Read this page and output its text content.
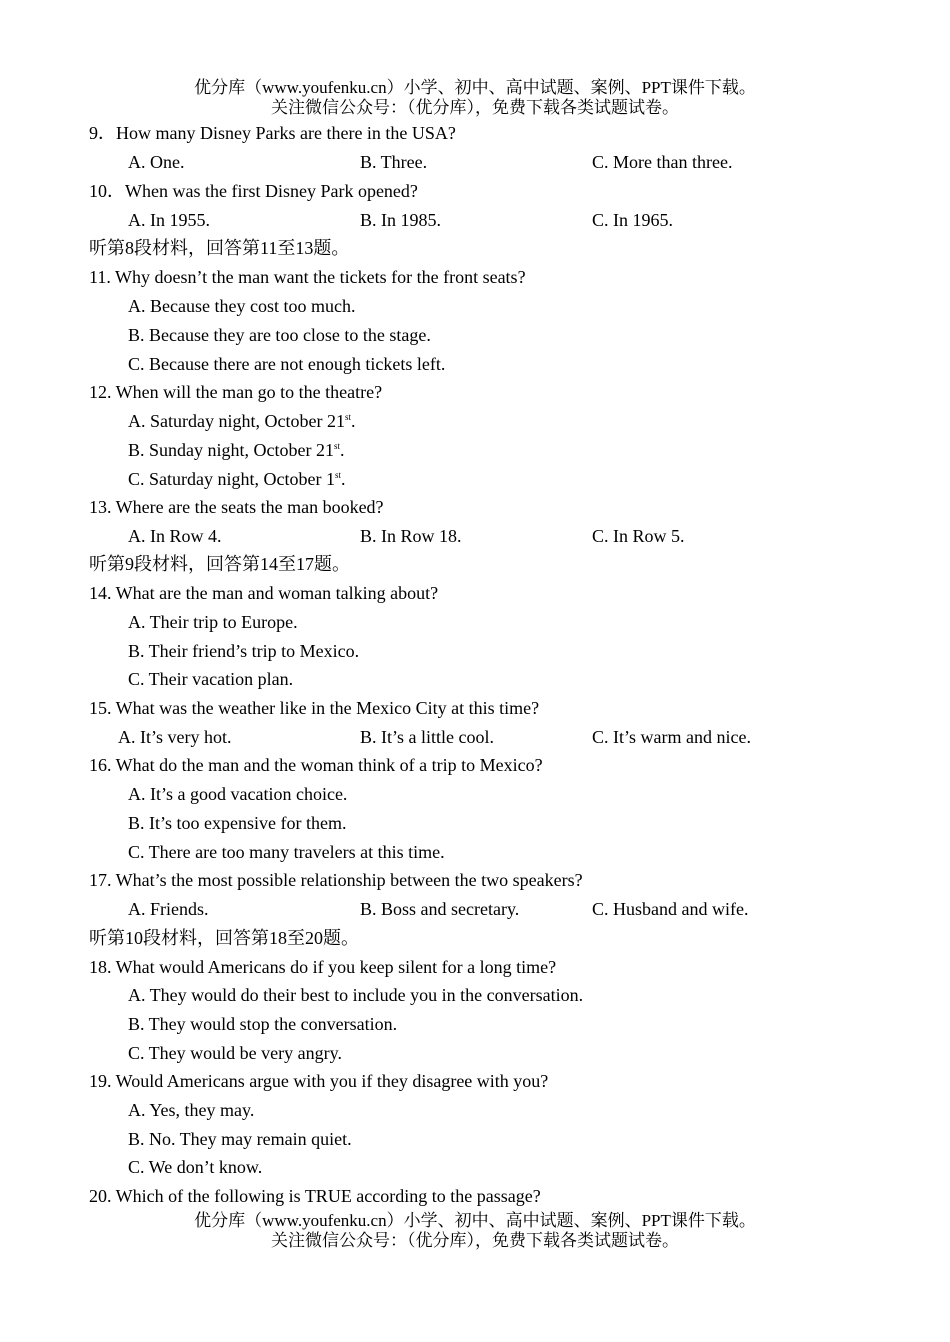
优分库（www.youfenku.cn）小学、初中、高中试题、案例、PPT课件下载。
关注微信公众号：（优分库），免费下载各类试题试卷。
9．How many Disney Parks are there in the USA?
A. One.	B. Three.	C. More than three.
10．When was the first Disney Park opened?
A. In 1955.	B. In 1985.	C. In 1965.
听第8段材料，回答第11至13题。
11. Why doesn’t the man want the tickets for the front seats?
A. Because they cost too much.
B. Because they are too close to the stage.
C. Because there are not enough tickets left.
12. When will the man go to the theatre?
A. Saturday night, October 21st.
B. Sunday night, October 21st.
C. Saturday night, October 1st.
13. Where are the seats the man booked?
A. In Row 4.	B. In Row 18.	C. In Row 5.
听第9段材料，回答第14至17题。
14. What are the man and woman talking about?
A. Their trip to Europe.
B. Their friend’s trip to Mexico.
C. Their vacation plan.
15. What was the weather like in the Mexico City at this time?
A. It’s very hot.	B. It’s a little cool.	C. It’s warm and nice.
16. What do the man and the woman think of a trip to Mexico?
A. It’s a good vacation choice.
B. It’s too expensive for them.
C. There are too many travelers at this time.
17. What’s the most possible relationship between the two speakers?
A. Friends.	B. Boss and secretary.	C. Husband and wife.
听第10段材料，回答第18至20题。
18. What would Americans do if you keep silent for a long time?
A. They would do their best to include you in the conversation.
B. They would stop the conversation.
C. They would be very angry.
19. Would Americans argue with you if they disagree with you?
A. Yes, they may.
B. No. They may remain quiet.
C. We don’t know.
20. Which of the following is TRUE according to the passage?
优分库（www.youfenku.cn）小学、初中、高中试题、案例、PPT课件下载。
关注微信公众号：（优分库），免费下载各类试题试卷。
